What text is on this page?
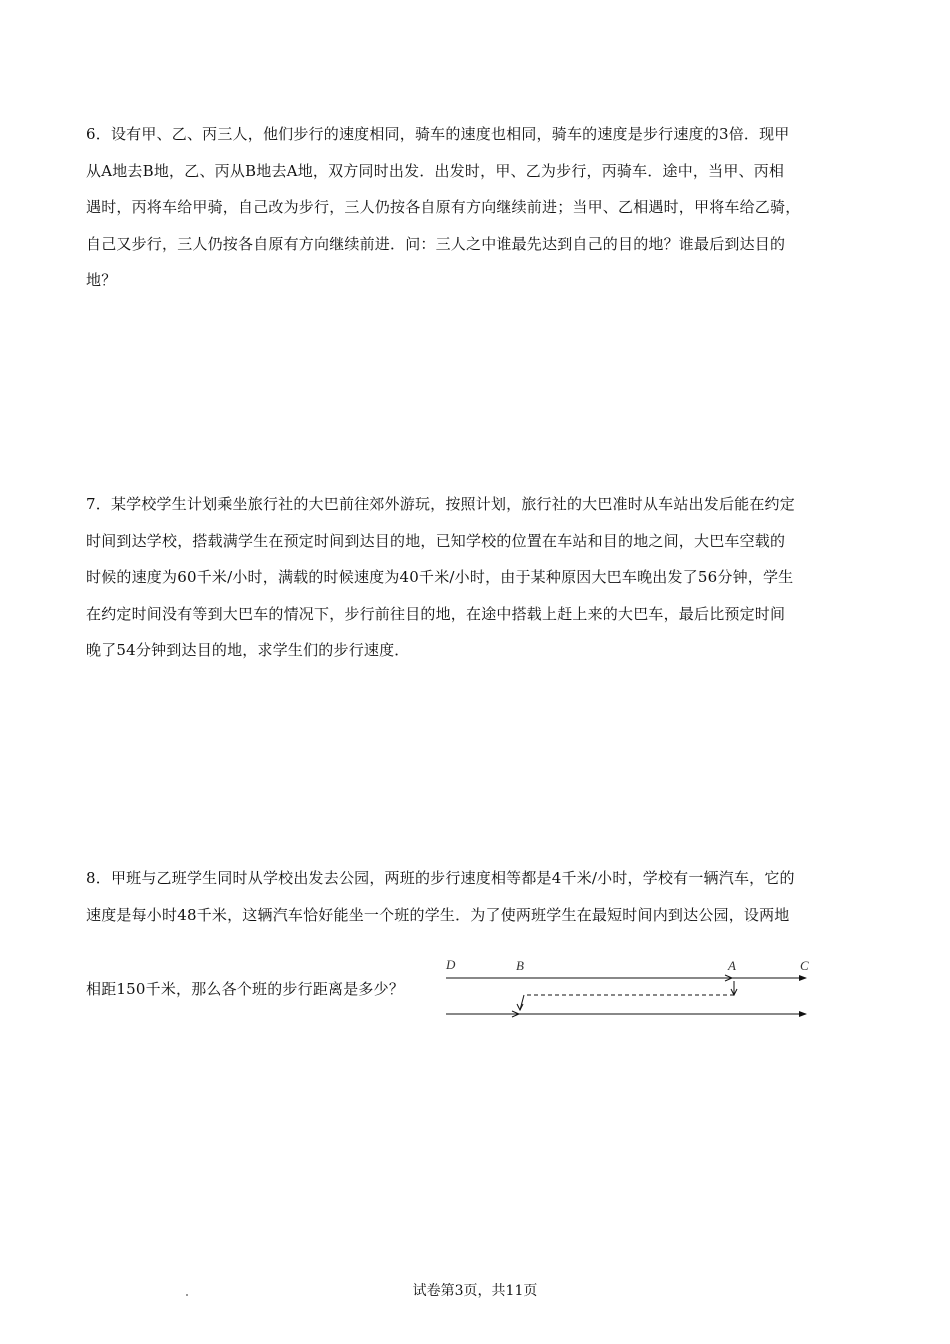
6．设有甲、乙、丙三人，他们步行的速度相同，骑车的速度也相同，骑车的速度是步行速度的3倍．现甲
从A地去B地，乙、丙从B地去A地，双方同时出发．出发时，甲、乙为步行，丙骑车．途中，当甲、丙相
遇时，丙将车给甲骑，自己改为步行，三人仍按各自原有方向继续前进；当甲、乙相遇时，甲将车给乙骑，
自己又步行，三人仍按各自原有方向继续前进．问：三人之中谁最先达到自己的目的地？谁最后到达目的
地？
7．某学校学生计划乘坐旅行社的大巴前往郊外游玩，按照计划，旅行社的大巴准时从车站出发后能在约定
时间到达学校，搭载满学生在预定时间到达目的地，已知学校的位置在车站和目的地之间，大巴车空载的
时候的速度为60千米/小时，满载的时候速度为40千米/小时，由于某种原因大巴车晚出发了56分钟，学生
在约定时间没有等到大巴车的情况下，步行前往目的地，在途中搭载上赶上来的大巴车，最后比预定时间
晚了54分钟到达目的地，求学生们的步行速度．
8．甲班与乙班学生同时从学校出发去公园，两班的步行速度相等都是4千米/小时，学校有一辆汽车，它的
速度是每小时48千米，这辆汽车恰好能坐一个班的学生．为了使两班学生在最短时间内到达公园，设两地
相距150千米，那么各个班的步行距离是多少？
D	B	A	C
试卷第3页，共11页
